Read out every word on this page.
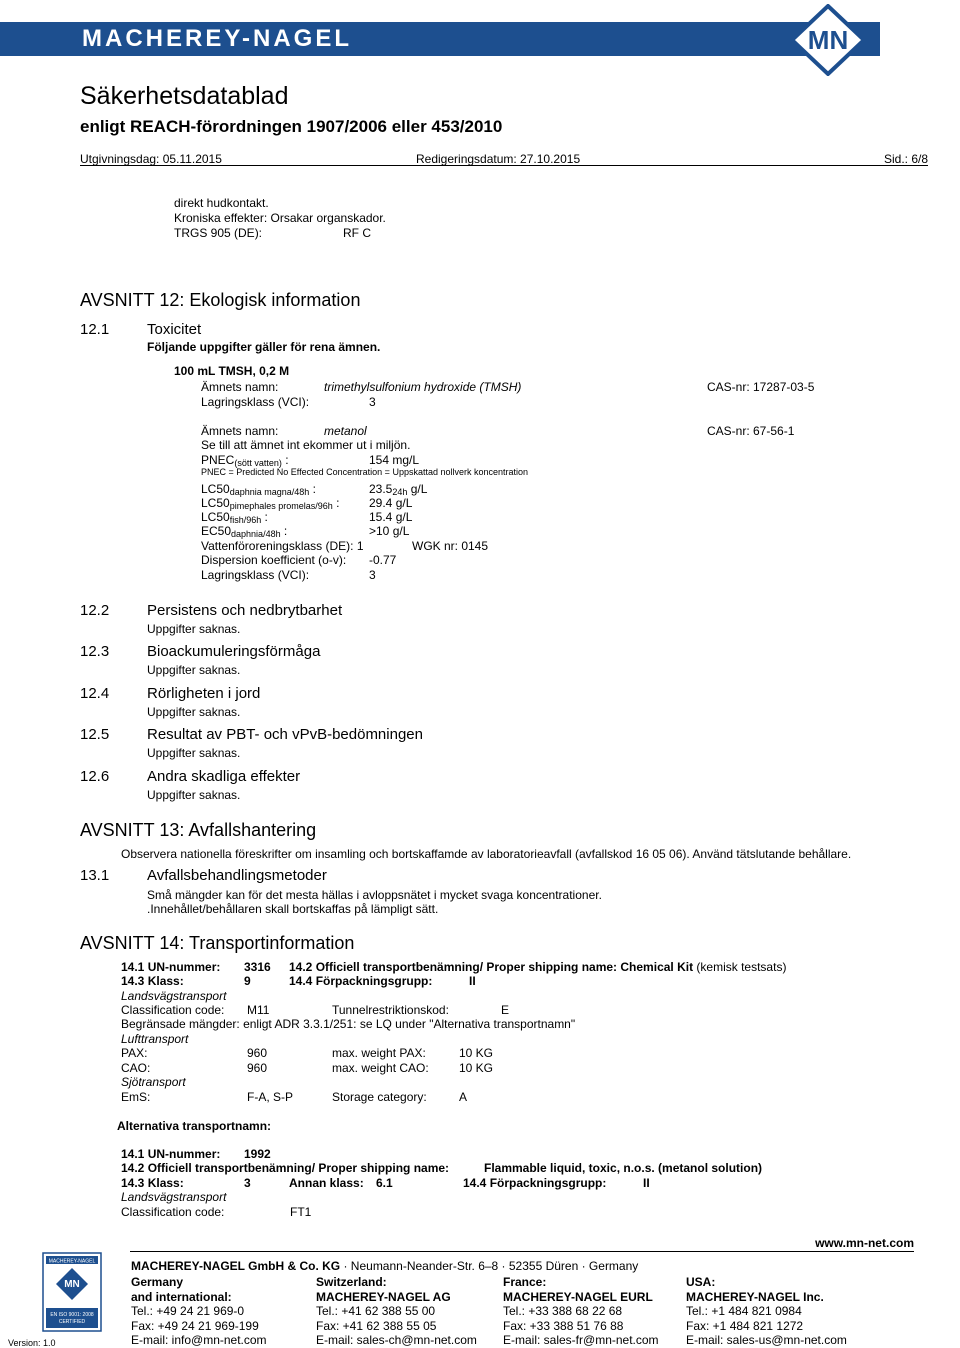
MACHEREY-NAGEL	MN
Säkerhetsdatablad
enligt REACH-förordningen 1907/2006 eller 453/2010
Utgivningsdag: 05.11.2015	Redigeringsdatum: 27.10.2015	Sid.: 6/8
direkt hudkontakt.
Kroniska effekter: Orsakar organskador.
TRGS 905 (DE):	RF C
AVSNITT 12: Ekologisk information
12.1	Toxicitet
Följande uppgifter gäller för rena ämnen.
100 mL TMSH, 0,2 M
Ämnets namn:	trimethylsulfonium hydroxide (TMSH)	CAS-nr: 17287-03-5
Lagringsklass (VCI):	3
Ämnets namn:	metanol	CAS-nr: 67-56-1
Se till att ämnet int ekommer ut i miljön.
$PNEC_{(sött vatten)}$ :	154 mg/L
PNEC = Predicted No Effected Concentration = Uppskattad nollverk koncentration
$LC50_{daphnia magna/48h}$ :	$23.5_{24h}$ g/L
$LC50_{pimephales promelas/96h}$ : 29.4 g/L
$LC50_{fish/96h}$ :	15.4 g/L
$EC50_{daphnia/48h}$ :	>10 g/L
Vattenföroreningsklass (DE): 1	WGK nr: 0145
Dispersion koefficient (o-v): -0.77
Lagringsklass (VCI):	3
12.2	Persistens och nedbrytbarhet
Uppgifter saknas.
12.3	Bioackumuleringsförmåga
Uppgifter saknas.
12.4	Rörligheten i jord
Uppgifter saknas.
12.5	Resultat av PBT- och vPvB-bedömningen
Uppgifter saknas.
12.6	Andra skadliga effekter
Uppgifter saknas.
AVSNITT 13: Avfallshantering
Observera nationella föreskrifter om insamling och bortskaffamde av laboratorieavfall (avfallskod 16 05 06). Använd tätslutande behållare.
13.1	Avfallsbehandlingsmetoder
Små mängder kan för det mesta hällas i avloppsnätet i mycket svaga koncentrationer.
.Innehållet/behållaren skall bortskaffas på lämpligt sätt.
AVSNITT 14: Transportinformation
14.1 UN-nummer: 3316 14.2 Officiell transportbenämning/ Proper shipping name: Chemical Kit (kemisk testsats)
14.3 Klass:	9	14.4 Förpackningsgrupp:	II
Landsvägstransport
Classification code: M11	Tunnelrestriktionskod:	E
Begränsade mängder: enligt ADR 3.3.1/251: se LQ under "Alternativa transportnamn"
Lufttransport
PAX:	960	max. weight PAX:	10 KG
CAO:	960	max. weight CAO:	10 KG
Sjötransport
EmS:	F-A, S-P	Storage category:	A
Alternativa transportnamn:
14.1 UN-nummer: 1992
14.2 Officiell transportbenämning/ Proper shipping name:	Flammable liquid, toxic, n.o.s. (metanol solution)
14.3 Klass:	3	Annan klass: 6.1	14.4 Förpackningsgrupp:	II
Landsvägstransport
Classification code:	FT1
www.mn-net.com
MACHEREY-NAGEL
MN
EN ISO 9001: 2008
CERTIFIED
MACHEREY-NAGEL GmbH & Co. KG · Neumann-Neander-Str. 6–8 · 52355 Düren · Germany
Version: 1.0
Germany
and international:
Tel.: +49 24 21 969-0
Fax: +49 24 21 969-199
E-mail: info@mn-net.com
Switzerland:
MACHEREY-NAGEL AG
Tel.: +41 62 388 55 00
Fax: +41 62 388 55 05
E-mail: sales-ch@mn-net.com
France:
MACHEREY-NAGEL EURL
Tel.: +33 388 68 22 68
Fax: +33 388 51 76 88
E-mail: sales-fr@mn-net.com
USA:
MACHEREY-NAGEL Inc.
Tel.: +1 484 821 0984
Fax: +1 484 821 1272
E-mail: sales-us@mn-net.com
